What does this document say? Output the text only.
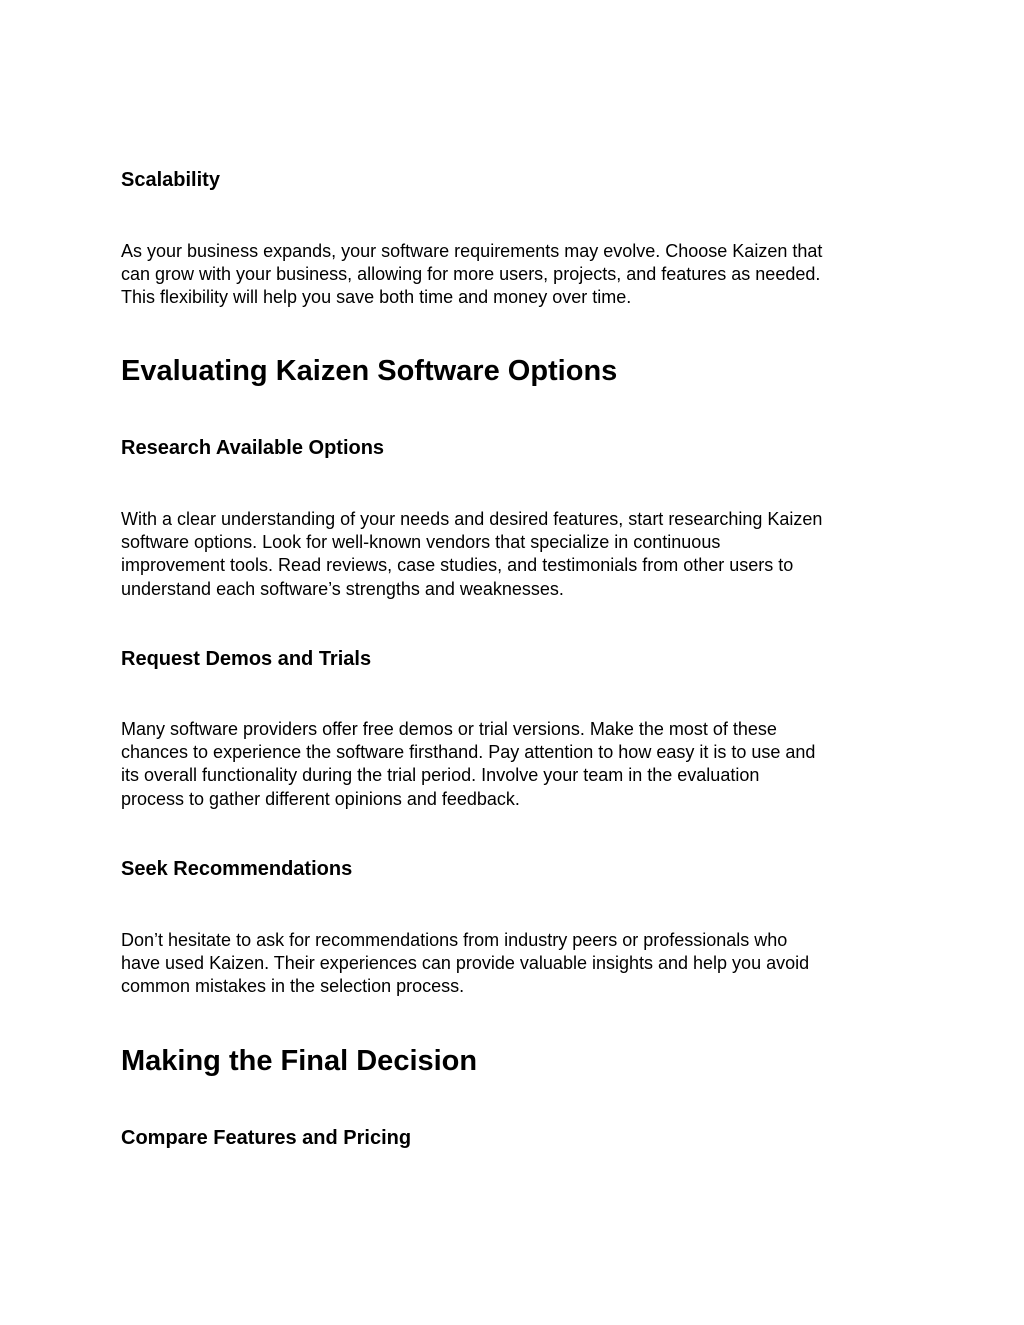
Scalability

As your business expands, your software requirements may evolve. Choose Kaizen that
can grow with your business, allowing for more users, projects, and features as needed.
This flexibility will help you save both time and money over time.

Evaluating Kaizen Software Options
Research Available Options

With a clear understanding of your needs and desired features, start researching Kaizen
software options. Look for well-known vendors that specialize in continuous
improvement tools. Read reviews, case studies, and testimonials from other users to
understand each software’s strengths and weaknesses.

Request Demos and Trials

Many software providers offer free demos or trial versions. Make the most of these
chances to experience the software firsthand. Pay attention to how easy it is to use and
its overall functionality during the trial period. Involve your team in the evaluation
process to gather different opinions and feedback.

Seek Recommendations

Don’t hesitate to ask for recommendations from industry peers or professionals who
have used Kaizen. Their experiences can provide valuable insights and help you avoid
common mistakes in the selection process.

Making the Final Decision
Compare Features and Pricing
